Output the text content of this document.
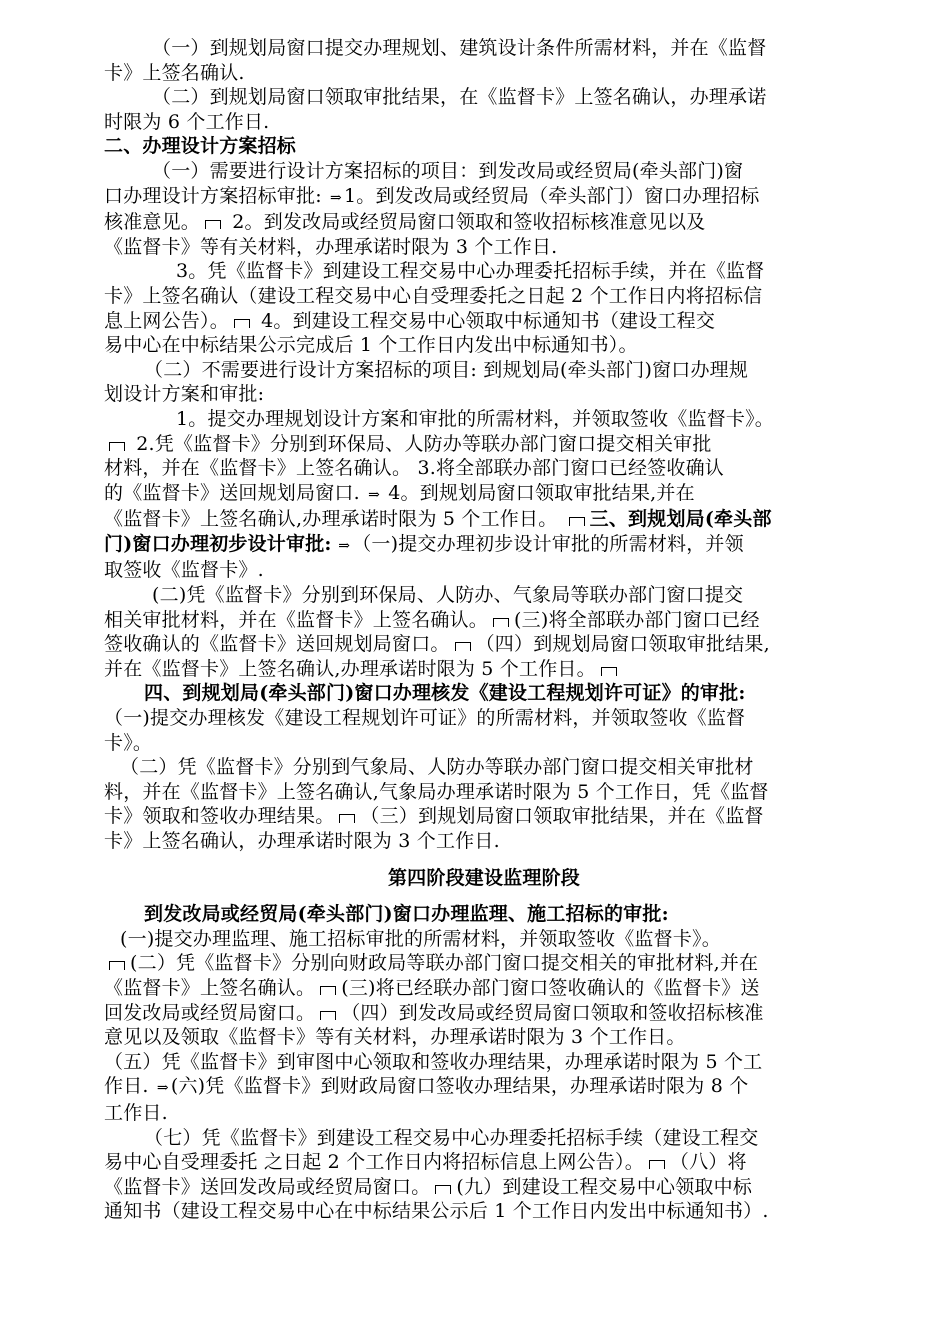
（一）到规划局窗口提交办理规划、建筑设计条件所需材料，并在《监督
卡》上签名确认.
（二）到规划局窗口领取审批结果，在《监督卡》上签名确认，办理承诺
时限为 6 个工作日.
二、办理设计方案招标
（一）需要进行设计方案招标的项目：到发改局或经贸局(牵头部门)窗
口办理设计方案招标审批: ⇒ 1。到发改局或经贸局（牵头部门）窗口办理招标
核准意见。 2。到发改局或经贸局窗口领取和签收招标核准意见以及
《监督卡》等有关材料，办理承诺时限为 3 个工作日.
3。凭《监督卡》到建设工程交易中心办理委托招标手续，并在《监督
卡》上签名确认（建设工程交易中心自受理委托之日起 2 个工作日内将招标信
息上网公告）。 4。到建设工程交易中心领取中标通知书（建设工程交
易中心在中标结果公示完成后 1 个工作日内发出中标通知书）。
（二）不需要进行设计方案招标的项目: 到规划局(牵头部门)窗口办理规
划设计方案和审批:
1。提交办理规划设计方案和审批的所需材料，并领取签收《监督卡》。
2.凭《监督卡》分别到环保局、人防办等联办部门窗口提交相关审批
材料，并在《监督卡》上签名确认。 3.将全部联办部门窗口已经签收确认
的《监督卡》送回规划局窗口. ⇒ 4。到规划局窗口领取审批结果,并在
《监督卡》上签名确认,办理承诺时限为 5 个工作日。 三、到规划局(牵头部
门)窗口办理初步设计审批: ⇒ （一)提交办理初步设计审批的所需材料，并领
取签收《监督卡》.
(二)凭《监督卡》分别到环保局、人防办、气象局等联办部门窗口提交
相关审批材料，并在《监督卡》上签名确认。 (三)将全部联办部门窗口已经
签收确认的《监督卡》送回规划局窗口。 （四）到规划局窗口领取审批结果,
并在《监督卡》上签名确认,办理承诺时限为 5 个工作日。
四、到规划局(牵头部门)窗口办理核发《建设工程规划许可证》的审批:
（一)提交办理核发《建设工程规划许可证》的所需材料，并领取签收《监督
卡》。
（二）凭《监督卡》分别到气象局、人防办等联办部门窗口提交相关审批材
料，并在《监督卡》上签名确认,气象局办理承诺时限为 5 个工作日，凭《监督
卡》领取和签收办理结果。 （三）到规划局窗口领取审批结果，并在《监督
卡》上签名确认，办理承诺时限为 3 个工作日.
第四阶段建设监理阶段
到发改局或经贸局(牵头部门)窗口办理监理、施工招标的审批:
(一)提交办理监理、施工招标审批的所需材料，并领取签收《监督卡》。
(二）凭《监督卡》分别向财政局等联办部门窗口提交相关的审批材料,并在
《监督卡》上签名确认。 (三)将已经联办部门窗口签收确认的《监督卡》送
回发改局或经贸局窗口。 （四）到发改局或经贸局窗口领取和签收招标核准
意见以及领取《监督卡》等有关材料，办理承诺时限为 3 个工作日。
（五）凭《监督卡》到审图中心领取和签收办理结果，办理承诺时限为 5 个工
作日. ⇒ (六)凭《监督卡》到财政局窗口签收办理结果，办理承诺时限为 8 个
工作日.
（七）凭《监督卡》到建设工程交易中心办理委托招标手续（建设工程交
易中心自受理委托 之日起 2 个工作日内将招标信息上网公告）。 （八）将
《监督卡》送回发改局或经贸局窗口。 (九）到建设工程交易中心领取中标
通知书（建设工程交易中心在中标结果公示后 1 个工作日内发出中标通知书）.
